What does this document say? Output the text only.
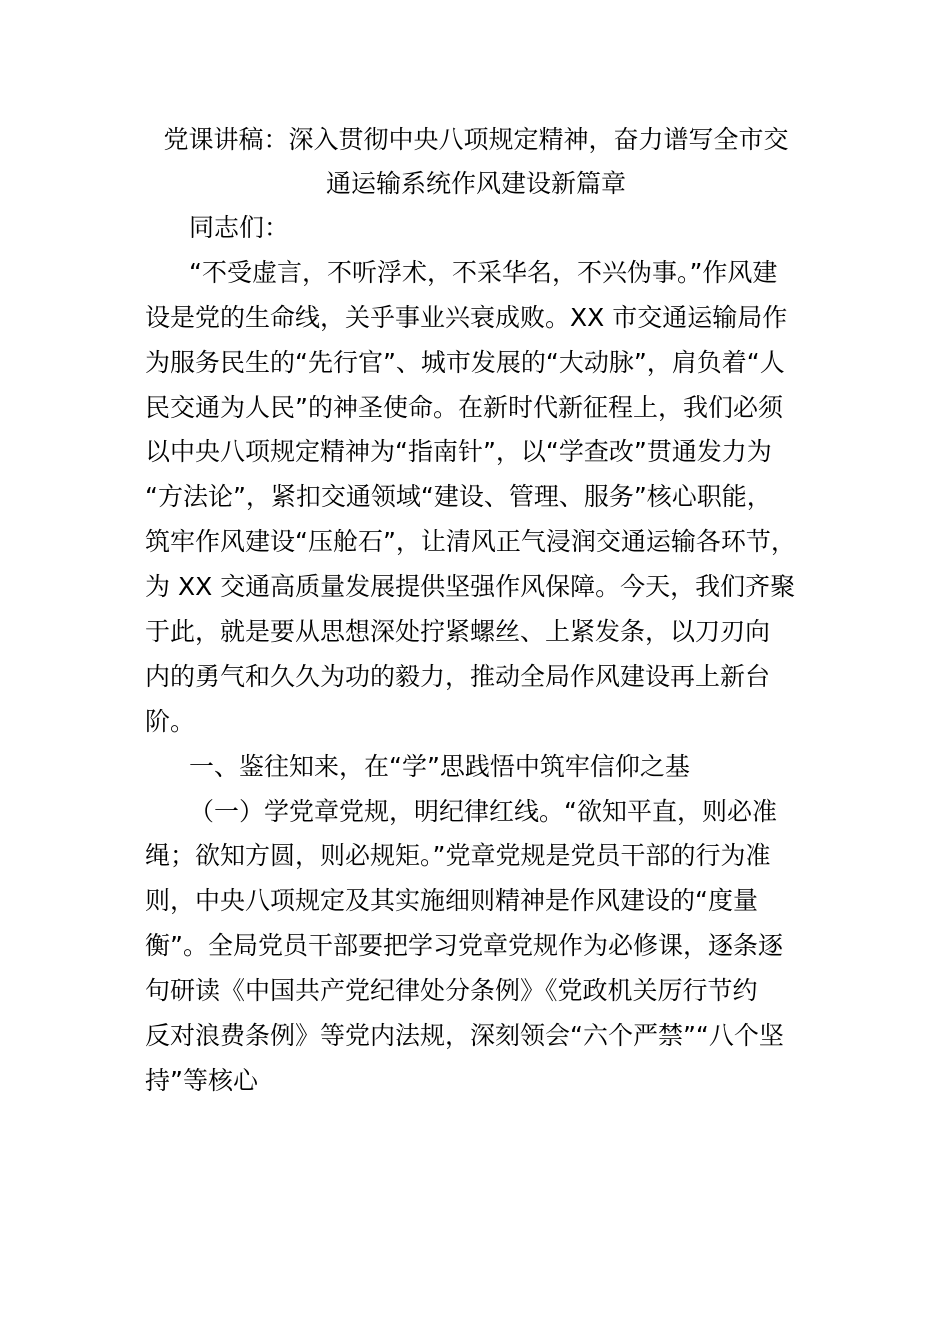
党课讲稿：深入贯彻中央八项规定精神，奋力谱写全市交
通运输系统作风建设新篇章
同志们：
“不受虚言，不听浮术，不采华名，不兴伪事。”作风建
设是党的生命线，关乎事业兴衰成败。XX 市交通运输局作
为服务民生的“先行官”、城市发展的“大动脉”，肩负着“人
民交通为人民”的神圣使命。在新时代新征程上，我们必须
以中央八项规定精神为“指南针”，以“学查改”贯通发力为
“方法论”，紧扣交通领域“建设、管理、服务”核心职能，
筑牢作风建设“压舱石”，让清风正气浸润交通运输各环节，
为 XX 交通高质量发展提供坚强作风保障。今天，我们齐聚
于此，就是要从思想深处拧紧螺丝、上紧发条，以刀刃向
内的勇气和久久为功的毅力，推动全局作风建设再上新台
阶。
一、鉴往知来，在“学”思践悟中筑牢信仰之基
（一）学党章党规，明纪律红线。“欲知平直，则必准
绳；欲知方圆，则必规矩。”党章党规是党员干部的行为准
则，中央八项规定及其实施细则精神是作风建设的“度量
衡”。全局党员干部要把学习党章党规作为必修课，逐条逐
句研读《中国共产党纪律处分条例》《党政机关厉行节约
反对浪费条例》等党内法规，深刻领会“六个严禁”“八个坚
持”等核心
